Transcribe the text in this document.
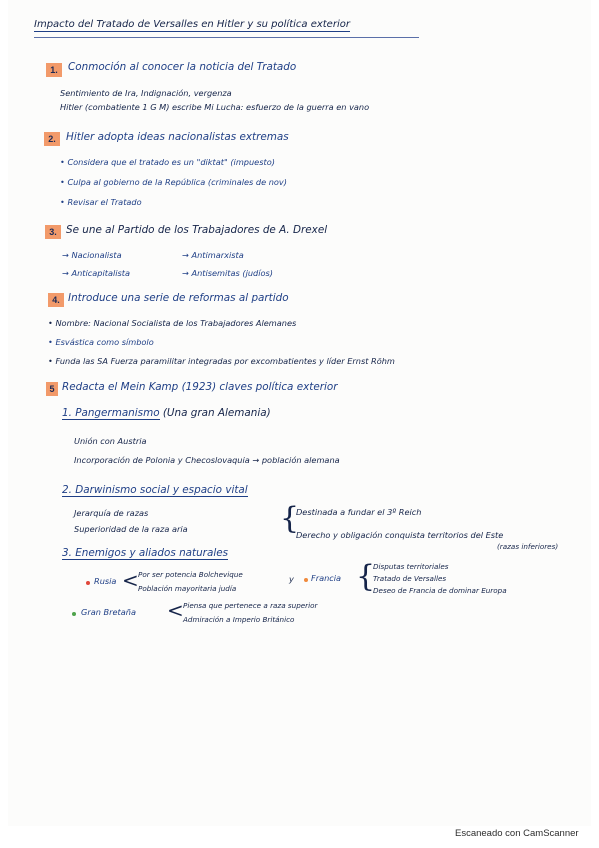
Impacto del Tratado de Versalles en Hitler y su política exterior
1. Conmoción al conocer la noticia del Tratado
Sentimiento de Ira, Indignación, vergenza
Hitler (combatiente 1 G M) escribe Mi Lucha: esfuerzo de la guerra en vano
2. Hitler adopta ideas nacionalistas extremas
• Considera que el tratado es un "diktat" (impuesto)
• Culpa al gobierno de la República (criminales de nov)
• Revisar el Tratado
3. Se une al Partido de los Trabajadores de A. Drexel
→ Nacionalista	→ Antimarxista
→ Anticapitalista	→ Antisemitas (judíos)
4. Introduce una serie de reformas al partido
• Nombre: Nacional Socialista de los Trabajadores Alemanes
• Esvástica como símbolo
• Funda las SA Fuerza paramilitar integradas por excombatientes y líder Ernst Röhm
5 Redacta el Mein Kamp (1923) claves política exterior
1. Pangermanismo (Una gran Alemania)
Unión con Austria
Incorporación de Polonia y Checoslovaquia → población alemana
2. Darwinismo social y espacio vital
Jerarquía de razas
Superioridad de la raza aria	{
Destinada a fundar el 3º Reich
Derecho y obligación conquista territorios del Este
(razas inferiores)
3. Enemigos y aliados naturales
Rusia < Por ser potencia Bolchevique
Población mayoritaria judía
y Francia {
Disputas territoriales
Tratado de Versalles
Deseo de Francia de dominar Europa
Gran Bretaña < Piensa que pertenece a raza superior
Admiración a Imperio Británico
Escaneado con CamScanner
